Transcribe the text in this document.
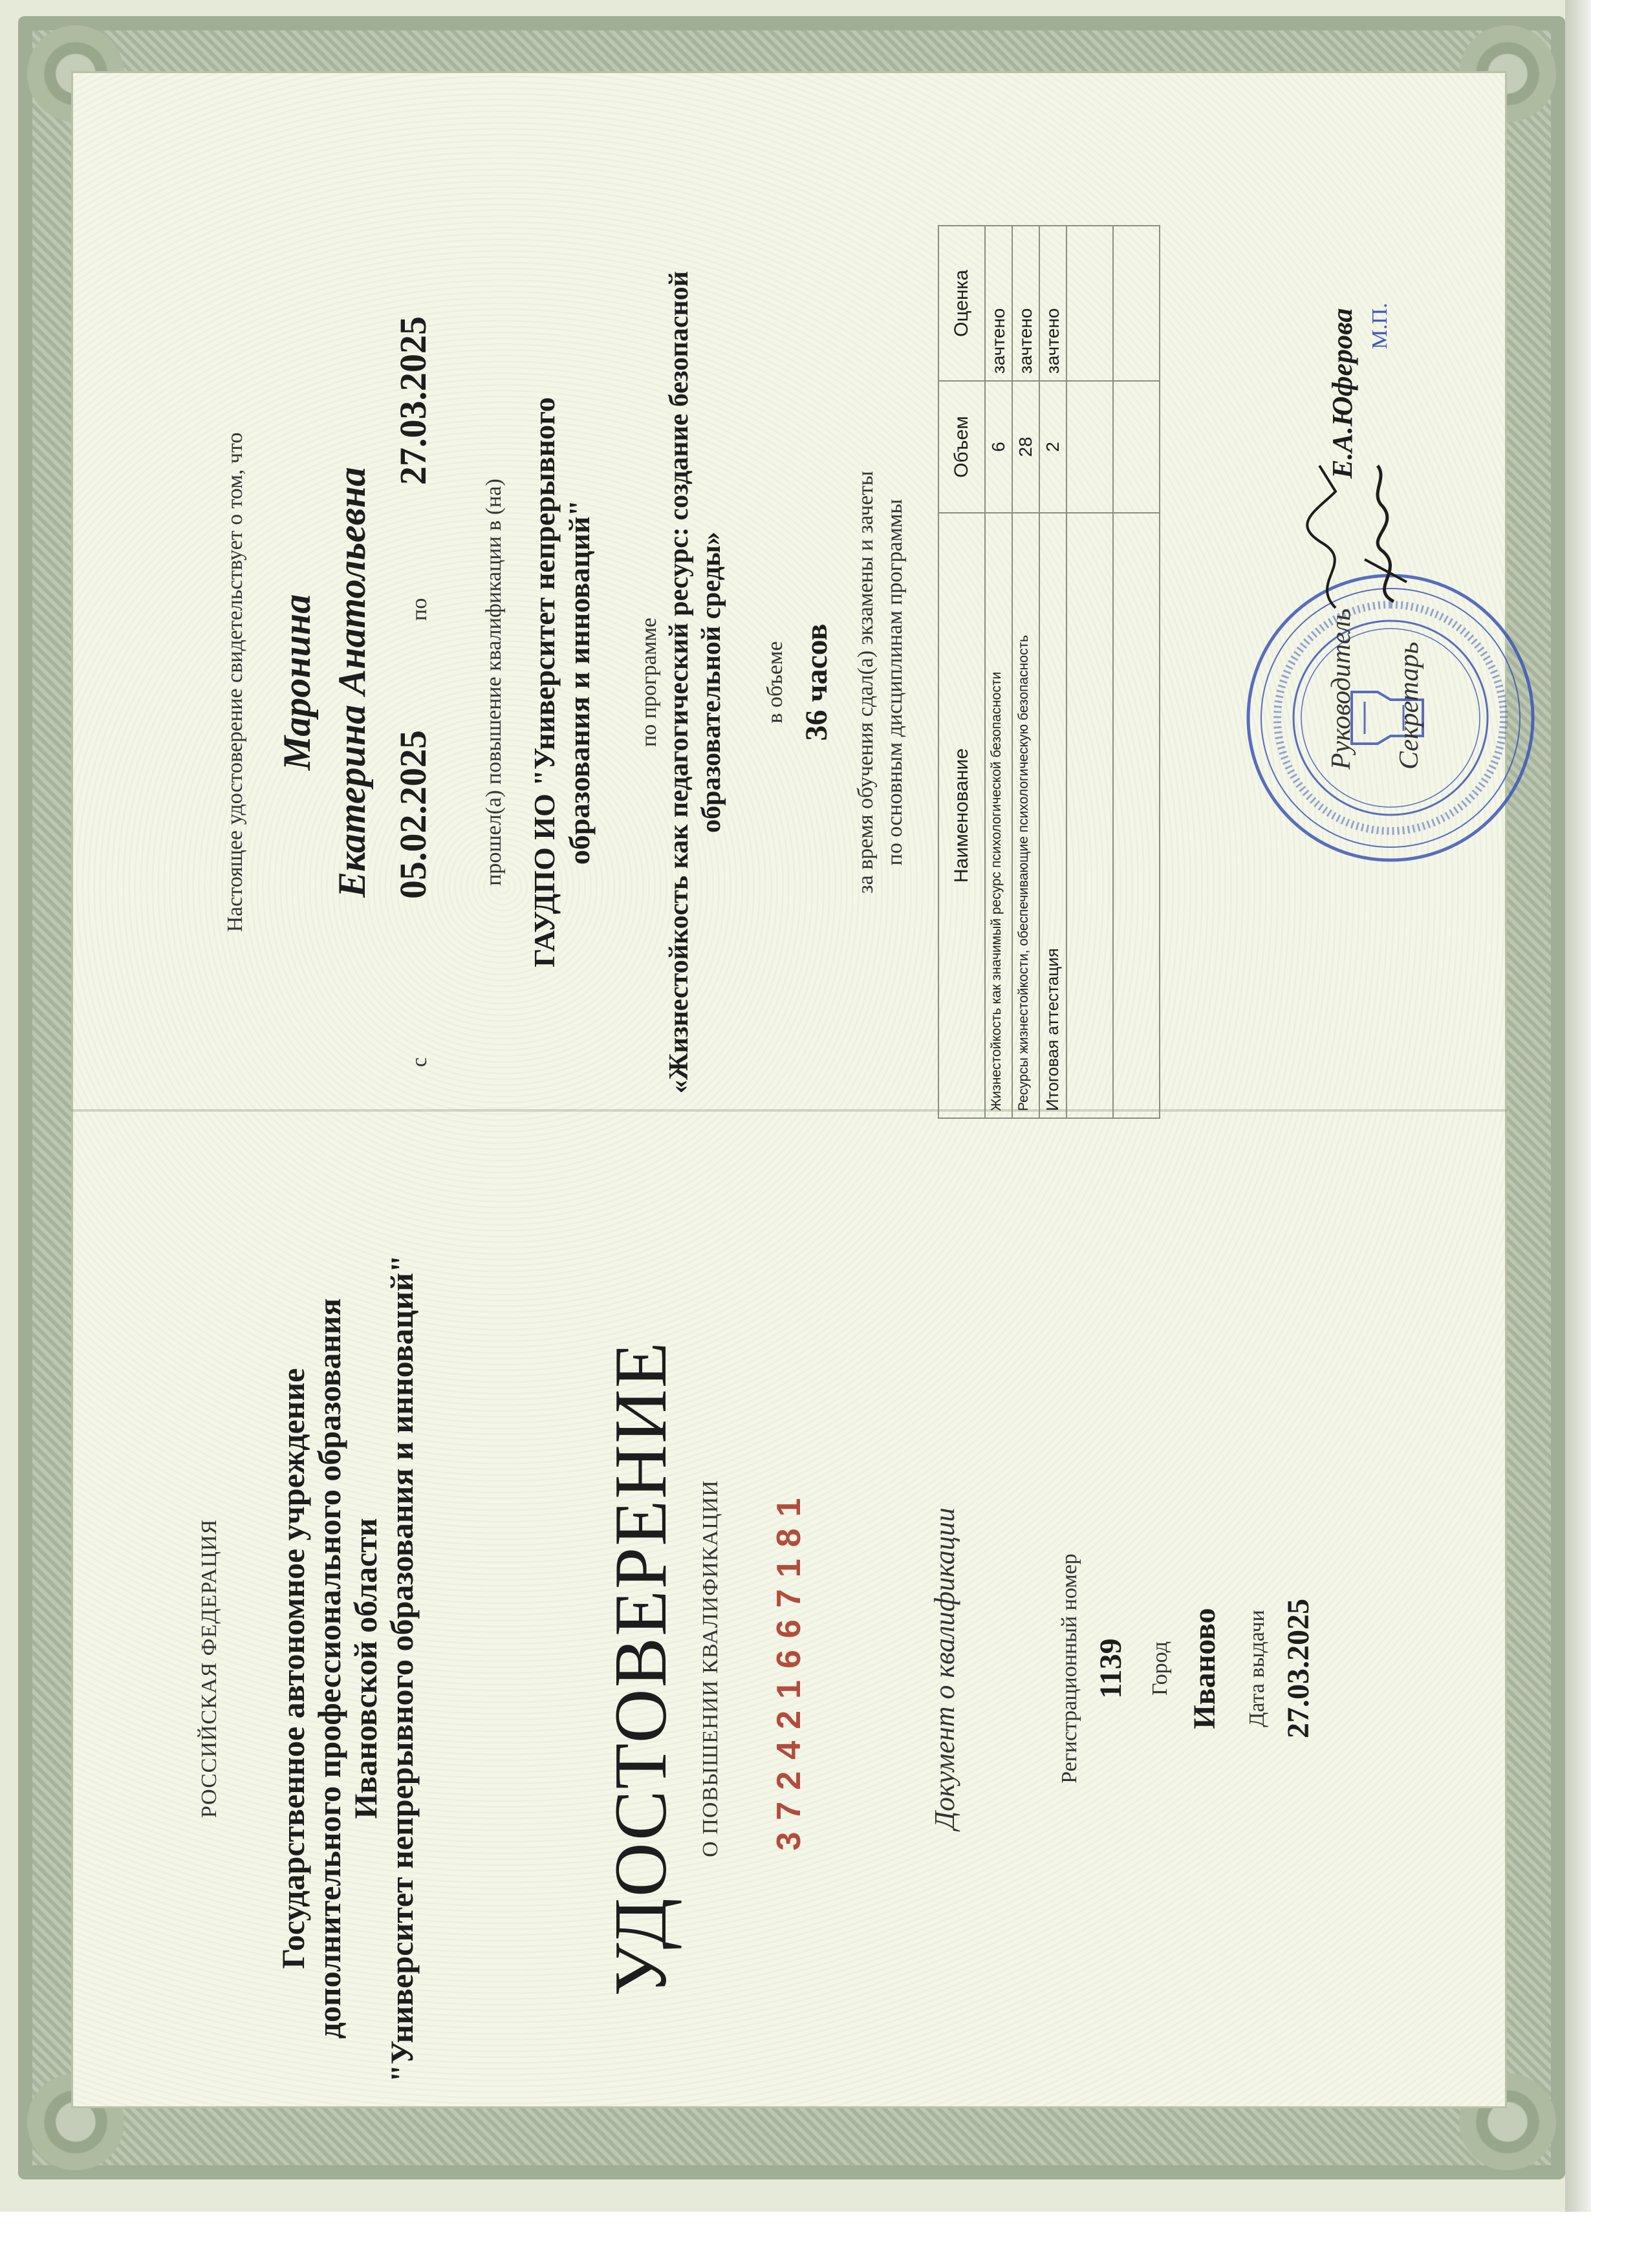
РОССИЙСКАЯ ФЕДЕРАЦИЯ Государственное автономное учреждение дополнительного профессионального образования Ивановской области "Университет непрерывного образования и инноваций" УДОСТОВЕРЕНИЕ О ПОВЫШЕНИИ КВАЛИФИКАЦИИ 372421667181	Документ о квалификации	Регистрационный номер 1139 Город Иваново Дата выдачи 27.03.2025
Настоящее удостоверение свидетельствует о том, что Маронина Екатерина Анатольевна
с
05.02.2025
по
27.03.2025
прошел(а) повышение квалификации в (на) ГАУДПО ИО "Университет непрерывного образования и инноваций" по программе «Жизнестойкость как педагогический ресурс: создание безопасной образовательной среды» в объеме 36 часов за время обучения сдал(а) экзамены и зачеты по основным дисциплинам программы Наименование	Объем	Оценка
Жизнестойкость как значимый ресурс психологической безопасности	6	зачтено
Ресурсы жизнестойкости, обеспечивающие психологическую безопасность	28	зачтено
Итоговая аттестация	2	зачтено

			М.П.
Руководитель
Е.А.Юферова
Секретарь
